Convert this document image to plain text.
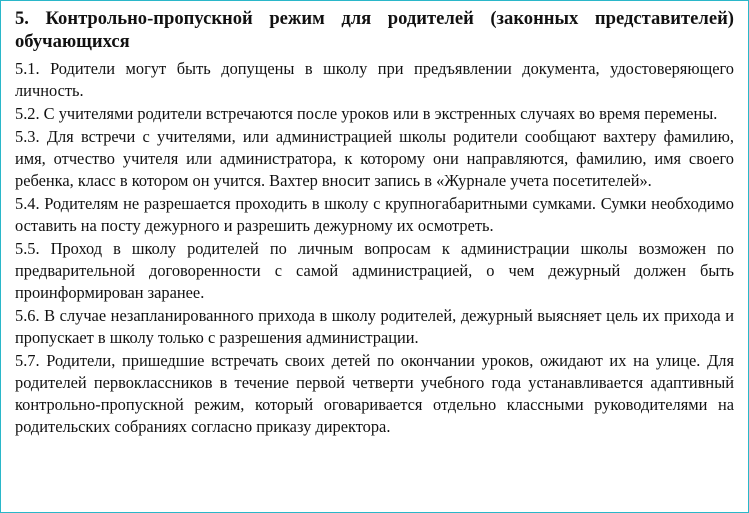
5. Контрольно-пропускной режим для родителей (законных представителей) обучающихся

5.1. Родители могут быть допущены в школу при предъявлении документа, удостоверяющего личность.

5.2. С учителями родители встречаются после уроков или в экстренных случаях во время перемены.

5.3. Для встречи с учителями, или администрацией школы родители сообщают вахтеру фамилию, имя, отчество учителя или администратора, к которому они направляются, фамилию, имя своего ребенка, класс в котором он учится. Вахтер вносит запись в «Журнале учета посетителей».

5.4. Родителям не разрешается проходить в школу с крупногабаритными сумками. Сумки необходимо оставить на посту дежурного и разрешить дежурному их осмотреть.

5.5. Проход в школу родителей по личным вопросам к администрации школы возможен по предварительной договоренности с самой администрацией, о чем дежурный должен быть проинформирован заранее.

5.6. В случае незапланированного прихода в школу родителей, дежурный выясняет цель их прихода и пропускает в школу только с разрешения администрации.

5.7. Родители, пришедшие встречать своих детей по окончании уроков, ожидают их на улице. Для родителей первоклассников в течение первой четверти учебного года устанавливается адаптивный контрольно-пропускной режим, который оговаривается отдельно классными руководителями на родительских собраниях согласно приказу директора.
